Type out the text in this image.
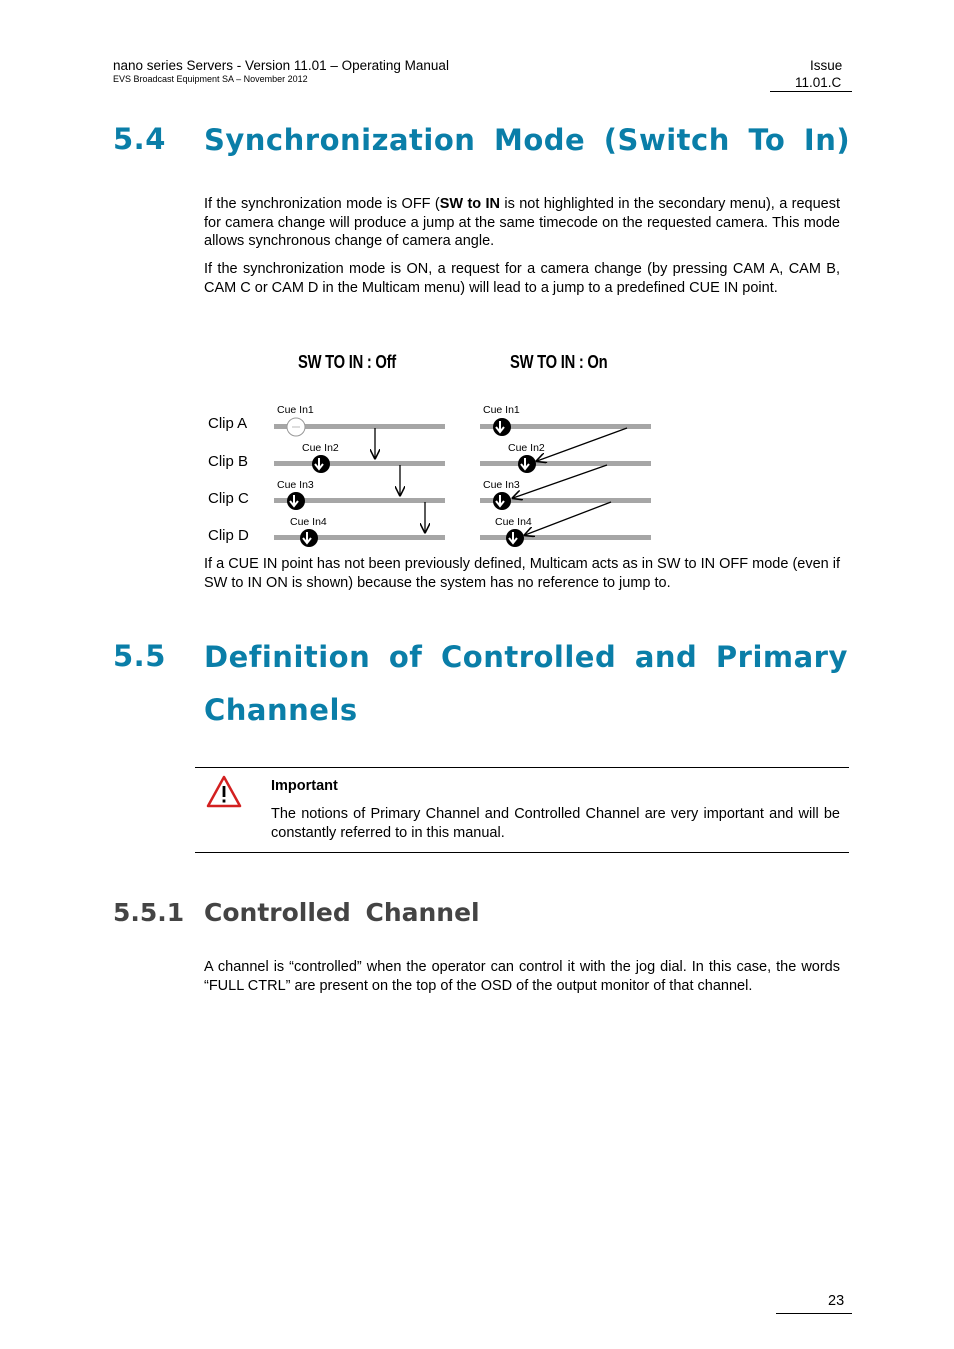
nano series Servers - Version 11.01 – Operating Manual
EVS Broadcast Equipment SA – November 2012
Issue
11.01.C
5.4 Synchronization Mode (Switch To In)
If the synchronization mode is OFF (SW to IN is not highlighted in the secondary menu), a request for camera change will produce a jump at the same timecode on the requested camera. This mode allows synchronous change of camera angle.
If the synchronization mode is ON, a request for a camera change (by pressing CAM A, CAM B, CAM C or CAM D in the Multicam menu) will lead to a jump to a predefined CUE IN point.
SW TO IN : Off	SW TO IN : On
Clip A
Clip B
Clip C
Clip D
Cue In1
Cue In2
Cue In3
Cue In4
Cue In1
Cue In2
Cue In3
Cue In4
If a CUE IN point has not been previously defined, Multicam acts as in SW to IN OFF mode (even if SW to IN ON is shown) because the system has no reference to jump to.
5.5 Definition of Controlled and Primary
Channels
Important
The notions of Primary Channel and Controlled Channel are very important and will be constantly referred to in this manual.
5.5.1 Controlled Channel
A channel is “controlled” when the operator can control it with the jog dial. In this case, the words “FULL CTRL” are present on the top of the OSD of the output monitor of that channel.
23
